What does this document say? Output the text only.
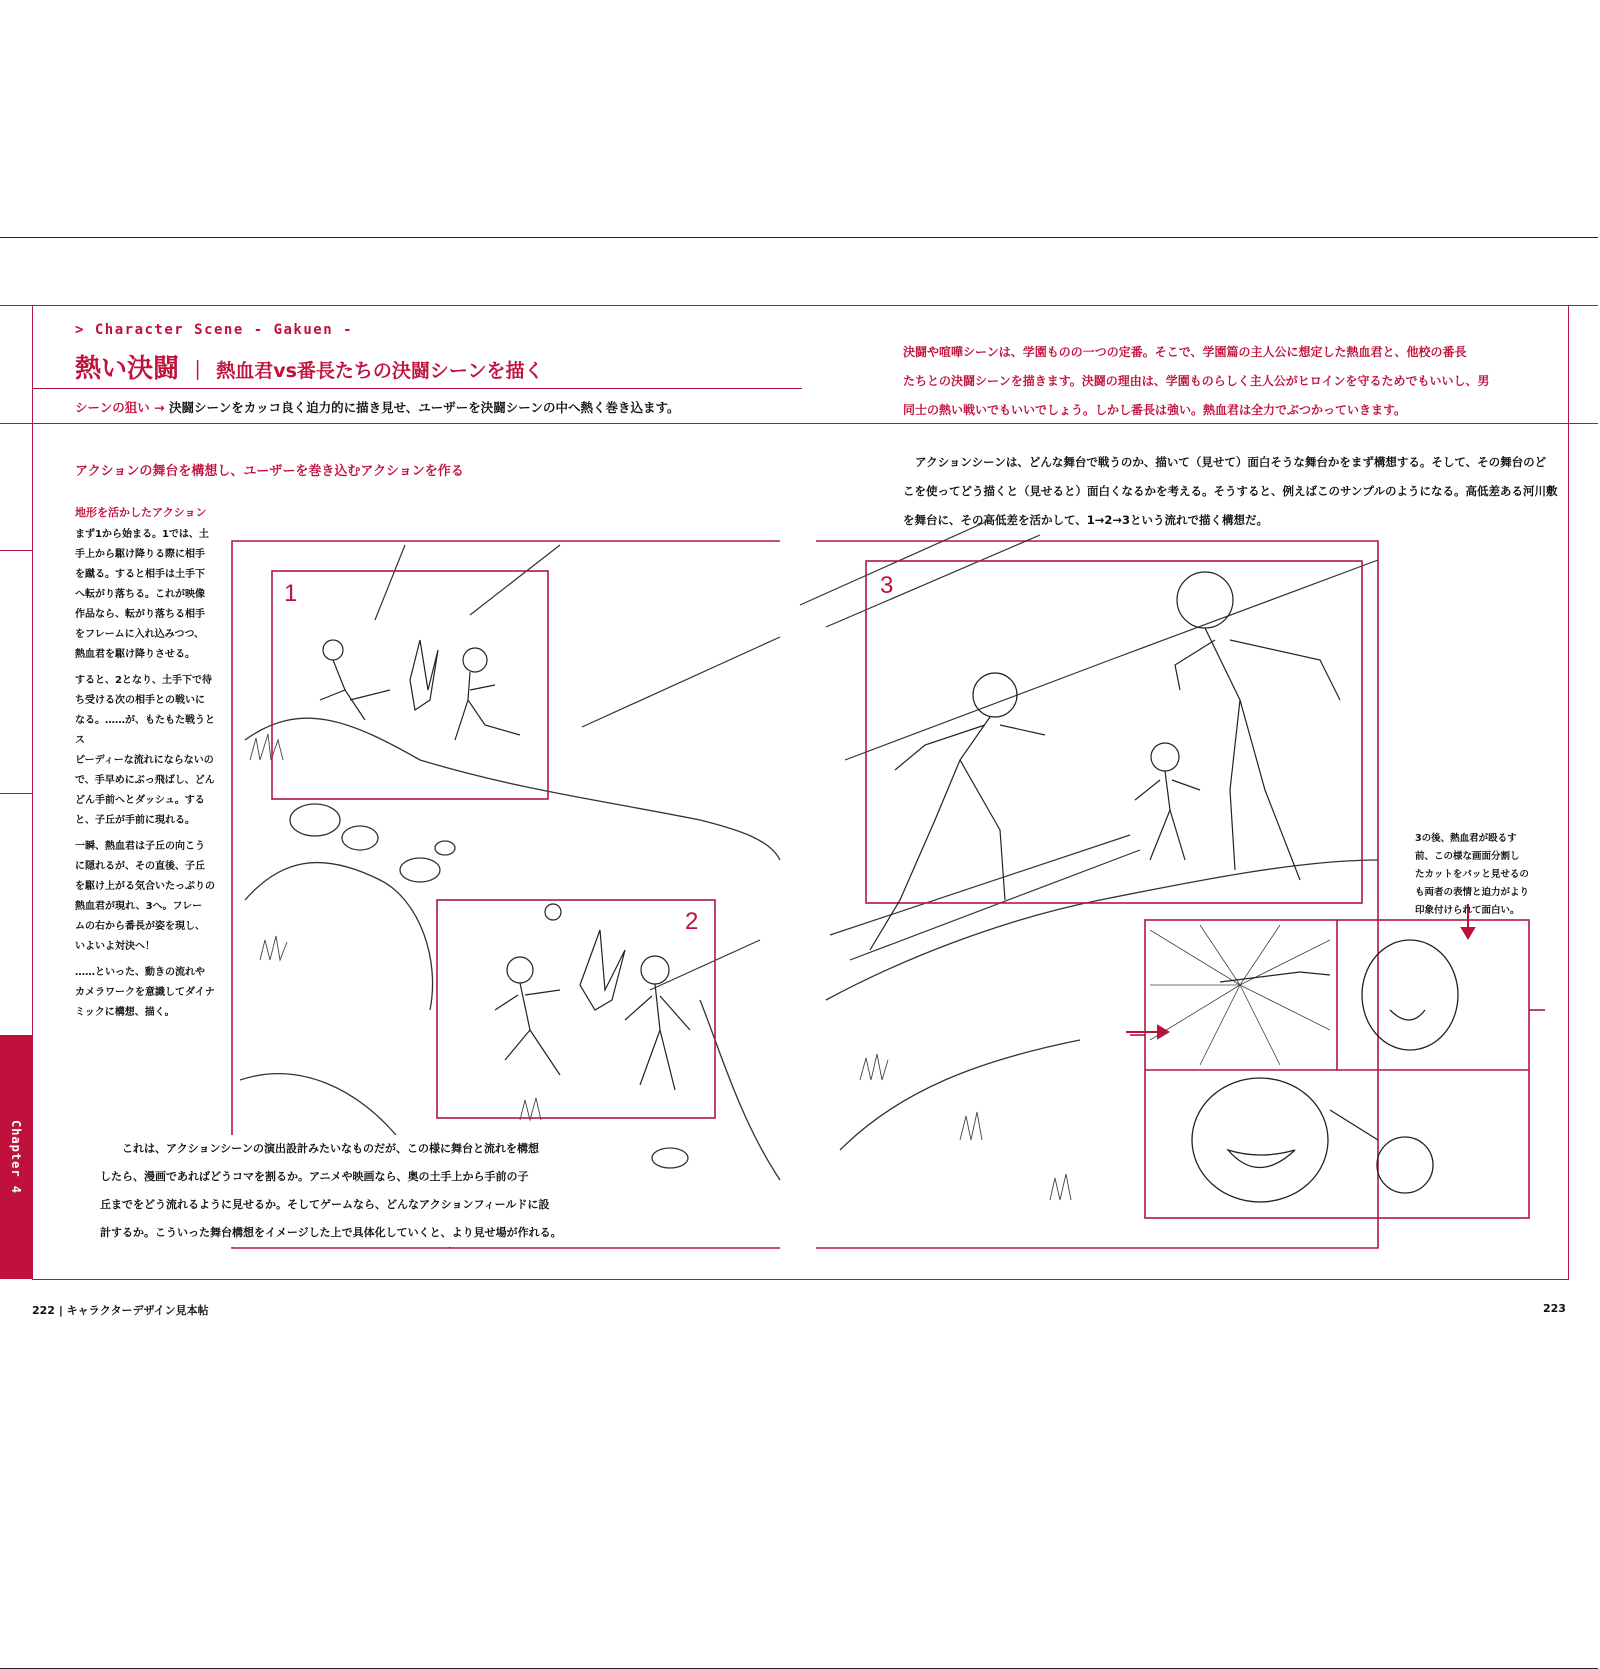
> Character Scene - Gakuen -
熱い決闘 ｜ 熱血君vs番長たちの決闘シーンを描く
シーンの狙い → 決闘シーンをカッコ良く迫力的に描き見せ、ユーザーを決闘シーンの中へ熱く巻き込ます。
決闘や喧嘩シーンは、学園ものの一つの定番。そこで、学園篇の主人公に想定した熱血君と、他校の番長
たちとの決闘シーンを描きます。決闘の理由は、学園ものらしく主人公がヒロインを守るためでもいいし、男
同士の熱い戦いでもいいでしょう。しかし番長は強い。熱血君は全力でぶつかっていきます。
アクションの舞台を構想し、ユーザーを巻き込むアクションを作る
地形を活かしたアクション

まず1から始まる。1では、土
手上から駆け降りる際に相手
を蹴る。すると相手は土手下
へ転がり落ちる。これが映像
作品なら、転がり落ちる相手
をフレームに入れ込みつつ、
熱血君を駆け降りさせる。

すると、2となり、土手下で待
ち受ける次の相手との戦いに
なる。……が、もたもた戦うとス
ピーディーな流れにならないの
で、手早めにぶっ飛ばし、どん
どん手前へとダッシュ。する
と、子丘が手前に現れる。

一瞬、熱血君は子丘の向こう
に隠れるが、その直後、子丘
を駆け上がる気合いたっぷりの
熱血君が現れ、3へ。フレー
ムの右から番長が姿を現し、
いよいよ対決へ！

……といった、動きの流れや
カメラワークを意識してダイナ
ミックに構想、描く。

アクションシーンは、どんな舞台で戦うのか、描いて（見せて）面白そうな舞台かをまず構想する。そして、その舞台のど
こを使ってどう描くと（見せると）面白くなるかを考える。そうすると、例えばこのサンプルのようになる。高低差ある河川敷
を舞台に、その高低差を活かして、1→2→3という流れで描く構想だ。
1
2
3
これは、アクションシーンの演出設計みたいなものだが、この様に舞台と流れを構想
したら、漫画であればどうコマを割るか。アニメや映画なら、奥の土手上から手前の子
丘までをどう流れるように見せるか。そしてゲームなら、どんなアクションフィールドに設
計するか。こういった舞台構想をイメージした上で具体化していくと、より見せ場が作れる。
3の後、熱血君が殴るす
前、この様な画面分割し
たカットをパッと見せるの
も両者の表情と迫力がより
印象付けられて面白い。
Chapter 4
222 | キャラクターデザイン見本帖	223
